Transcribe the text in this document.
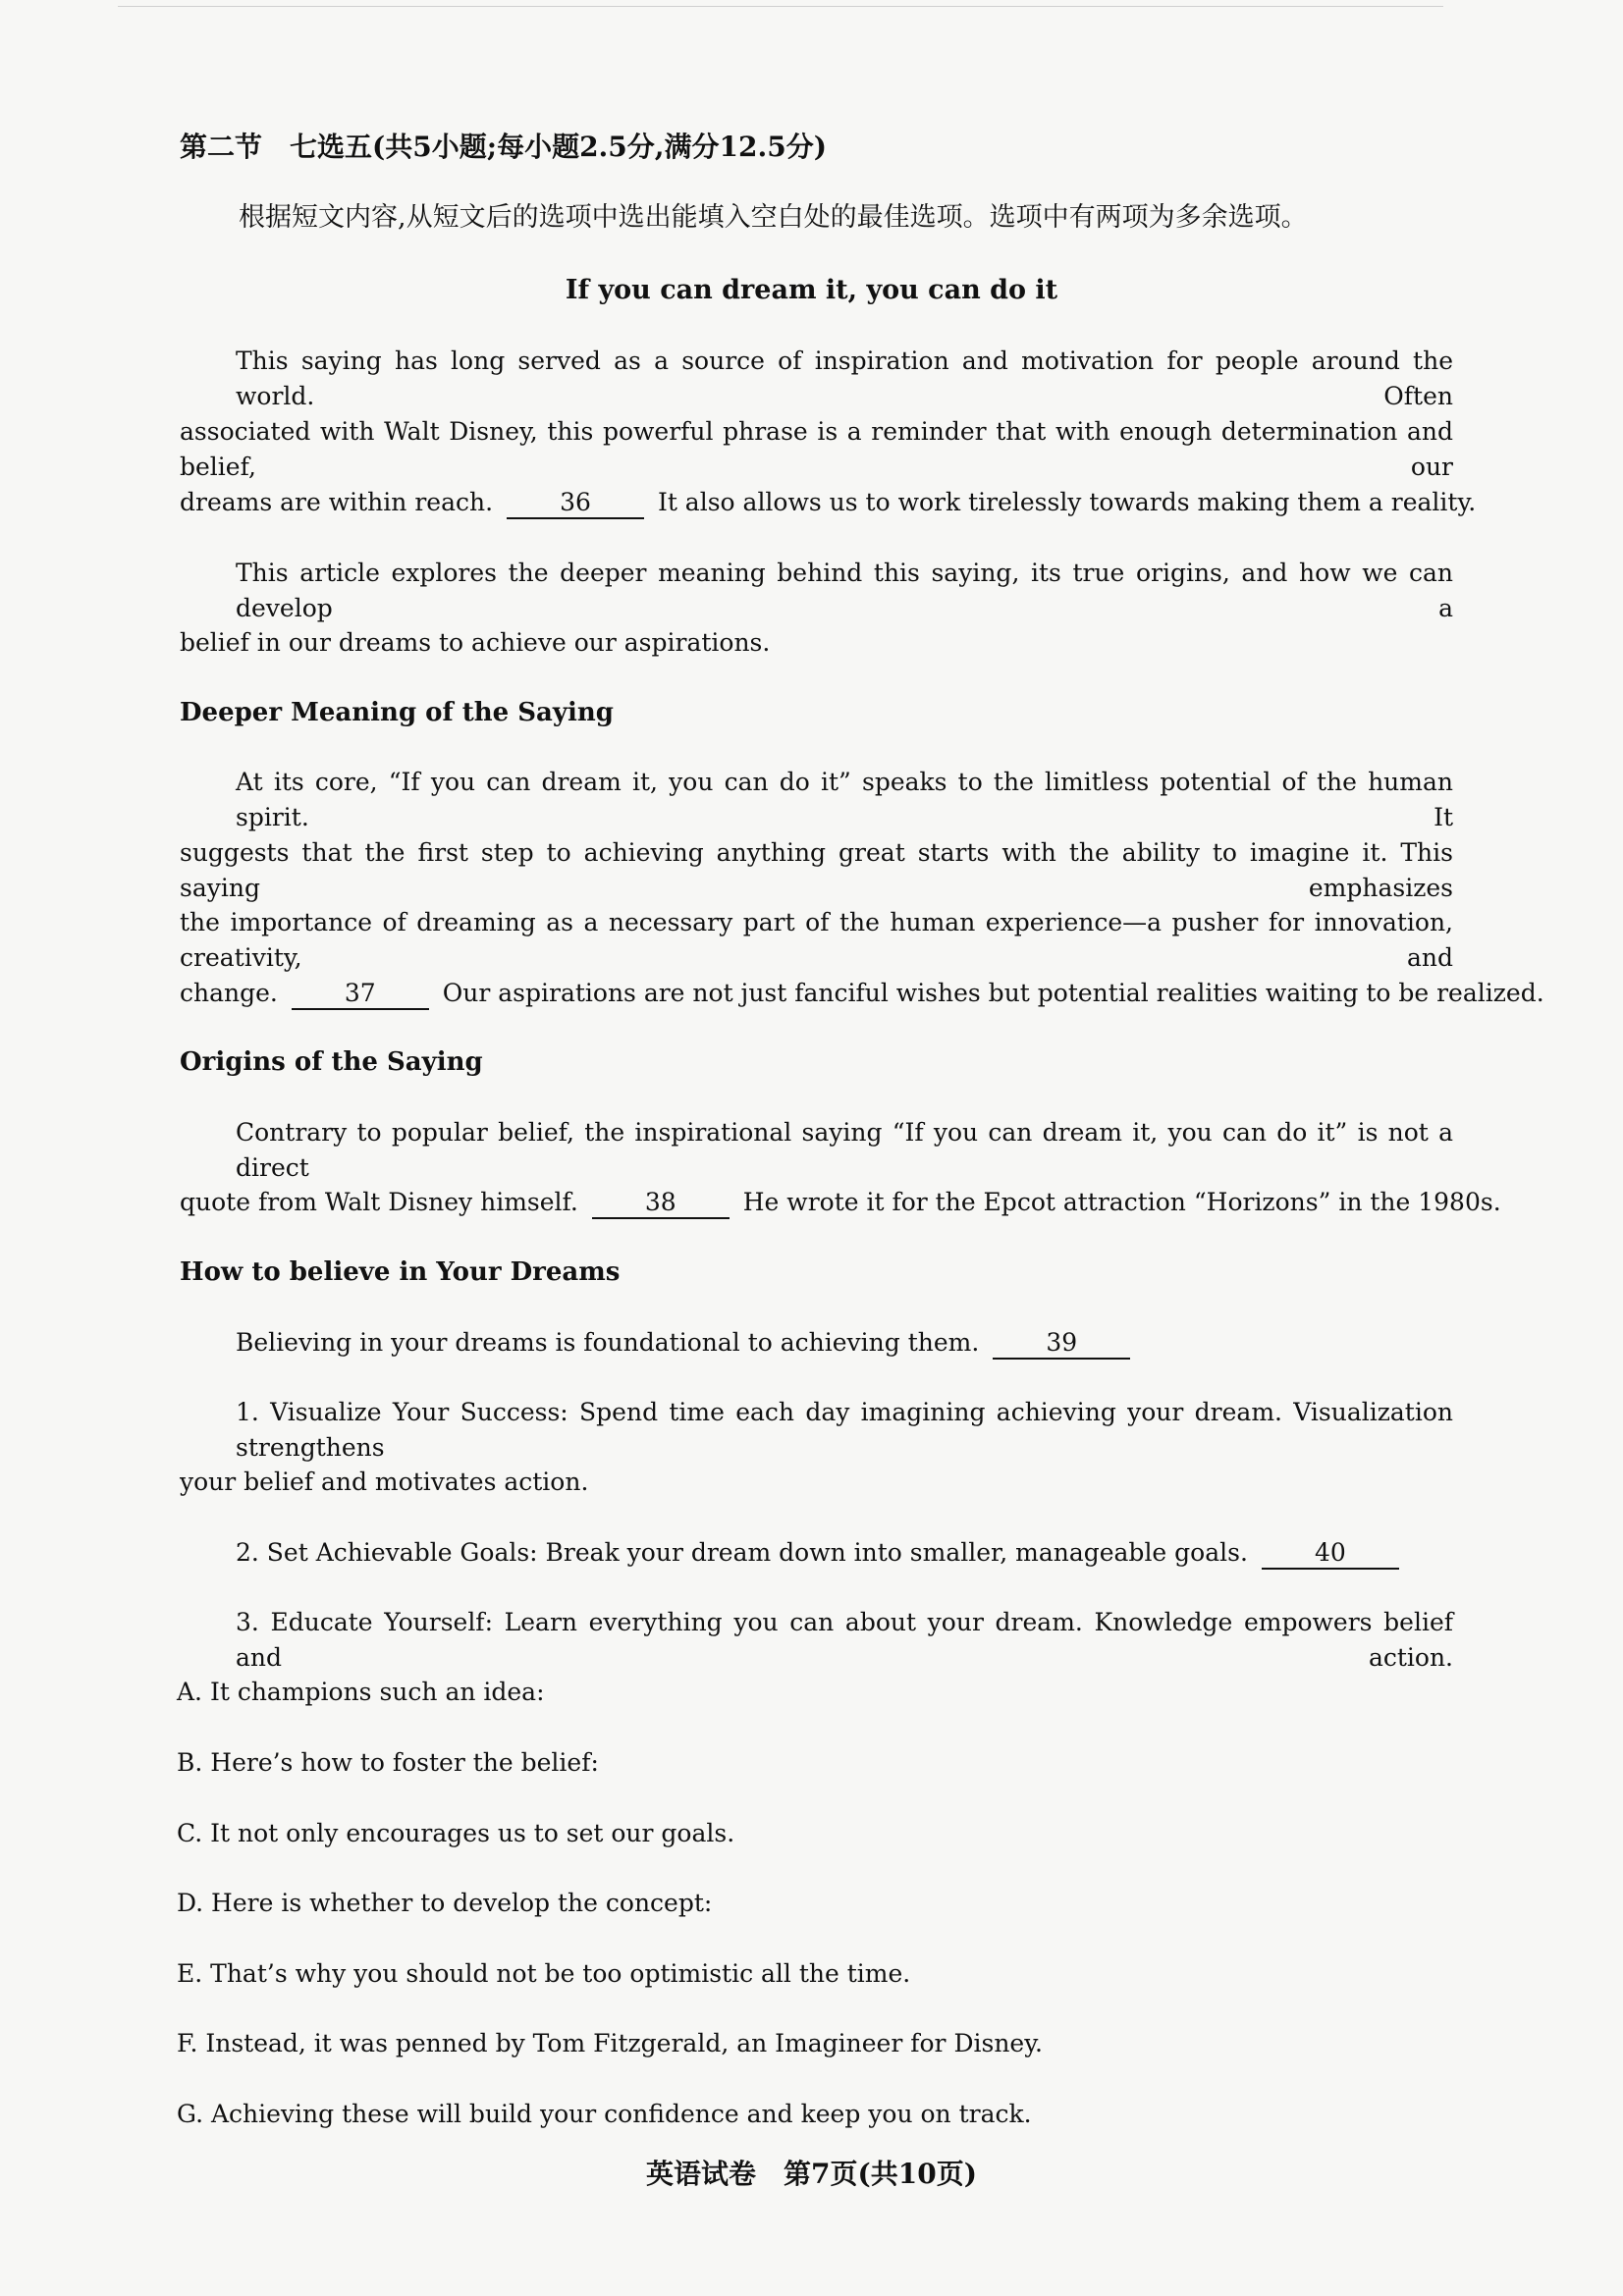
第二节　七选五(共5小题;每小题2.5分,满分12.5分)
根据短文内容,从短文后的选项中选出能填入空白处的最佳选项。选项中有两项为多余选项。
If you can dream it, you can do it
This saying has long served as a source of inspiration and motivation for people around the world. Often
associated with Walt Disney, this powerful phrase is a reminder that with enough determination and belief, our
dreams are within reach.	36	It also allows us to work tirelessly towards making them a reality.
This article explores the deeper meaning behind this saying, its true origins, and how we can develop a
belief in our dreams to achieve our aspirations.
Deeper Meaning of the Saying
At its core, “If you can dream it, you can do it” speaks to the limitless potential of the human spirit. It
suggests that the first step to achieving anything great starts with the ability to imagine it. This saying emphasizes
the importance of dreaming as a necessary part of the human experience—a pusher for innovation, creativity, and
change.	37	Our aspirations are not just fanciful wishes but potential realities waiting to be realized.
Origins of the Saying
Contrary to popular belief, the inspirational saying “If you can dream it, you can do it” is not a direct
quote from Walt Disney himself.	38	He wrote it for the Epcot attraction “Horizons” in the 1980s.
How to believe in Your Dreams
Believing in your dreams is foundational to achieving them.	39
1. Visualize Your Success: Spend time each day imagining achieving your dream. Visualization strengthens
your belief and motivates action.
2. Set Achievable Goals: Break your dream down into smaller, manageable goals.	40
3. Educate Yourself: Learn everything you can about your dream. Knowledge empowers belief and action.
A. It champions such an idea:
B. Here’s how to foster the belief:
C. It not only encourages us to set our goals.
D. Here is whether to develop the concept:
E. That’s why you should not be too optimistic all the time.
F. Instead, it was penned by Tom Fitzgerald, an Imagineer for Disney.
G. Achieving these will build your confidence and keep you on track.
英语试卷　第7页(共10页)
